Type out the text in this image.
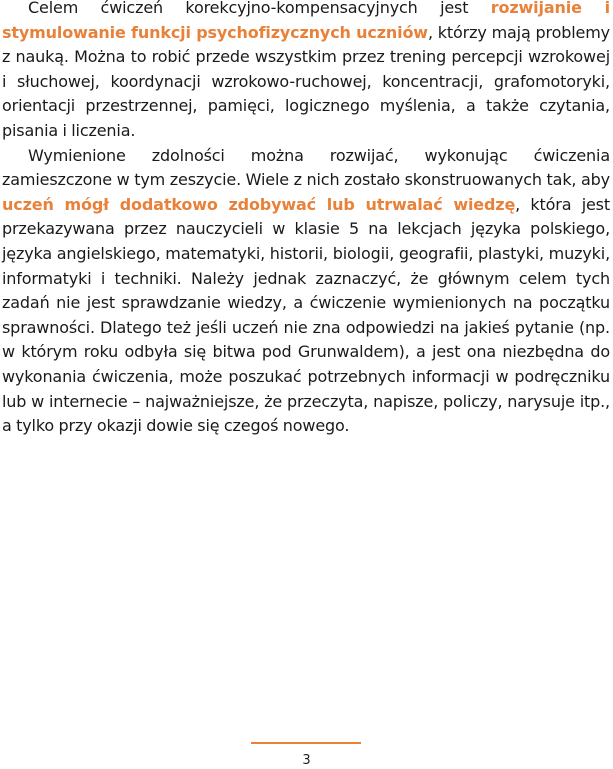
Celem ćwiczeń korekcyjno-kompensacyjnych jest rozwijanie i stymulowanie funkcji psychofizycznych uczniów, którzy mają problemy z nauką. Można to robić przede wszystkim przez trening percepcji wzrokowej i słuchowej, koordynacji wzrokowo-ruchowej, koncentracji, grafomotoryki, orientacji przestrzennej, pamięci, logicznego myślenia, a także czytania, pisania i liczenia.

Wymienione zdolności można rozwijać, wykonując ćwiczenia zamieszczone w tym zeszycie. Wiele z nich zostało skonstruowanych tak, aby uczeń mógł dodatkowo zdobywać lub utrwalać wiedzę, która jest przekazywana przez nauczycieli w klasie 5 na lekcjach języka polskiego, języka angielskiego, matematyki, historii, biologii, geografii, plastyki, muzyki, informatyki i techniki. Należy jednak zaznaczyć, że głównym celem tych zadań nie jest sprawdzanie wiedzy, a ćwiczenie wymienionych na początku sprawności. Dlatego też jeśli uczeń nie zna odpowiedzi na jakieś pytanie (np. w którym roku odbyła się bitwa pod Grunwaldem), a jest ona niezbędna do wykonania ćwiczenia, może poszukać potrzebnych informacji w podręczniku lub w internecie – najważniejsze, że przeczyta, napisze, policzy, narysuje itp., a tylko przy okazji dowie się czegoś nowego.

3
